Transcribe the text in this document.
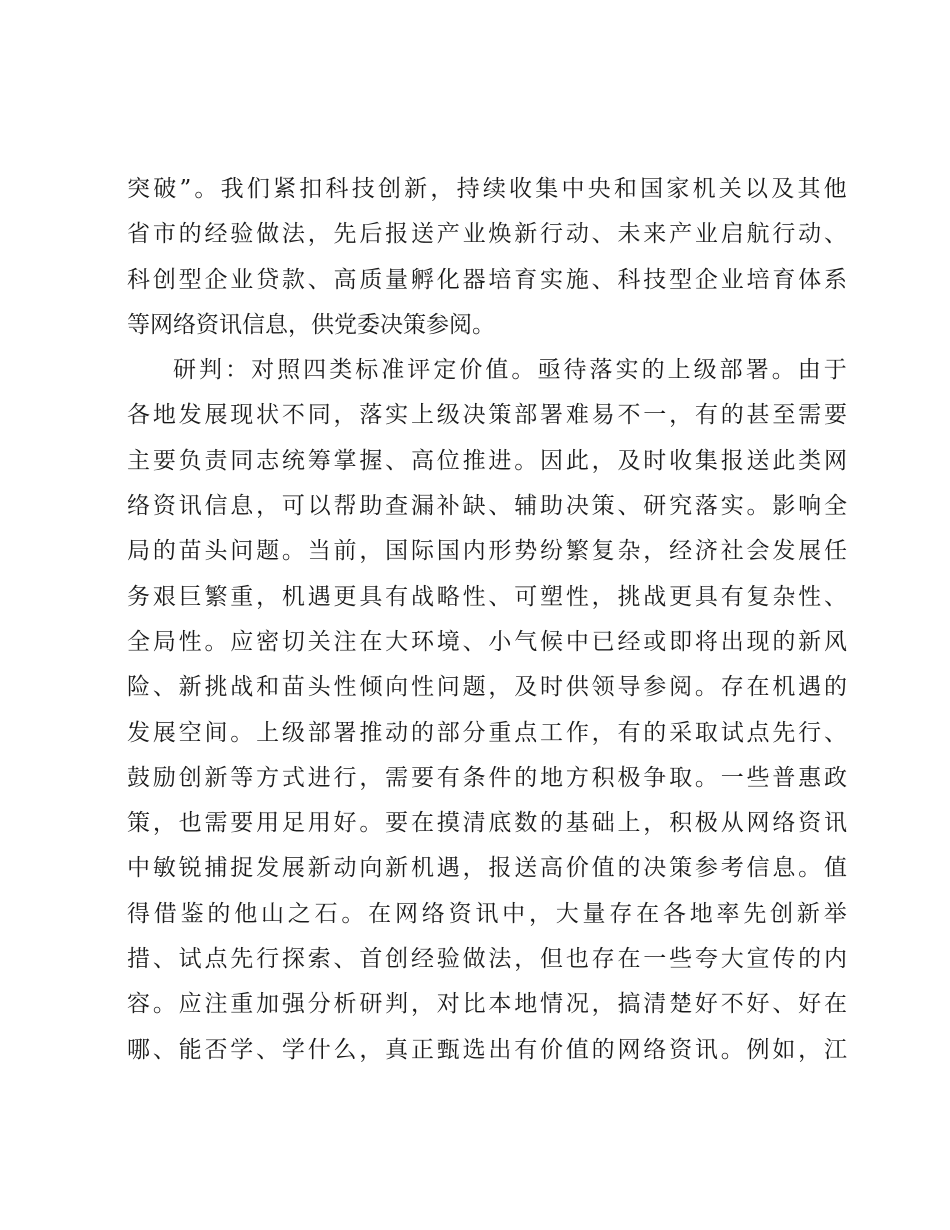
突 破 ” 。 我 们 紧 扣 科 技 创 新 ， 持 续 收 集 中 央 和 国 家 机 关 以 及 其 他
省 市 的 经 验 做 法 ， 先 后 报 送 产 业 焕 新 行 动 、 未 来 产 业 启 航 行 动 、
科 创 型 企 业 贷 款 、 高 质 量 孵 化 器 培 育 实 施 、 科 技 型 企 业 培 育 体 系
等网络资讯信息，供党委决策参阅。
研 判 ： 对 照 四 类 标 准 评 定 价 值 。 亟 待 落 实 的 上 级 部 署 。 由 于
各 地 发 展 现 状 不 同 ， 落 实 上 级 决 策 部 署 难 易 不 一 ， 有 的 甚 至 需 要
主 要 负 责 同 志 统 筹 掌 握 、 高 位 推 进 。 因 此 ， 及 时 收 集 报 送 此 类 网
络 资 讯 信 息 ， 可 以 帮 助 查 漏 补 缺 、 辅 助 决 策 、 研 究 落 实 。 影 响 全
局 的 苗 头 问 题 。 当 前 ， 国 际 国 内 形 势 纷 繁 复 杂 ， 经 济 社 会 发 展 任
务 艰 巨 繁 重 ， 机 遇 更 具 有 战 略 性 、 可 塑 性 ， 挑 战 更 具 有 复 杂 性 、
全 局 性 。 应 密 切 关 注 在 大 环 境 、 小 气 候 中 已 经 或 即 将 出 现 的 新 风
险 、 新 挑 战 和 苗 头 性 倾 向 性 问 题 ， 及 时 供 领 导 参 阅 。 存 在 机 遇 的
发 展 空 间 。 上 级 部 署 推 动 的 部 分 重 点 工 作 ， 有 的 采 取 试 点 先 行 、
鼓 励 创 新 等 方 式 进 行 ， 需 要 有 条 件 的 地 方 积 极 争 取 。 一 些 普 惠 政
策 ， 也 需 要 用 足 用 好 。 要 在 摸 清 底 数 的 基 础 上 ， 积 极 从 网 络 资 讯
中 敏 锐 捕 捉 发 展 新 动 向 新 机 遇 ， 报 送 高 价 值 的 决 策 参 考 信 息 。 值
得 借 鉴 的 他 山 之 石 。 在 网 络 资 讯 中 ， 大 量 存 在 各 地 率 先 创 新 举
措 、 试 点 先 行 探 索 、 首 创 经 验 做 法 ， 但 也 存 在 一 些 夸 大 宣 传 的 内
容 。 应 注 重 加 强 分 析 研 判 ， 对 比 本 地 情 况 ， 搞 清 楚 好 不 好 、 好 在
哪 、 能 否 学 、 学 什 么 ， 真 正 甄 选 出 有 价 值 的 网 络 资 讯 。 例 如 ， 江
